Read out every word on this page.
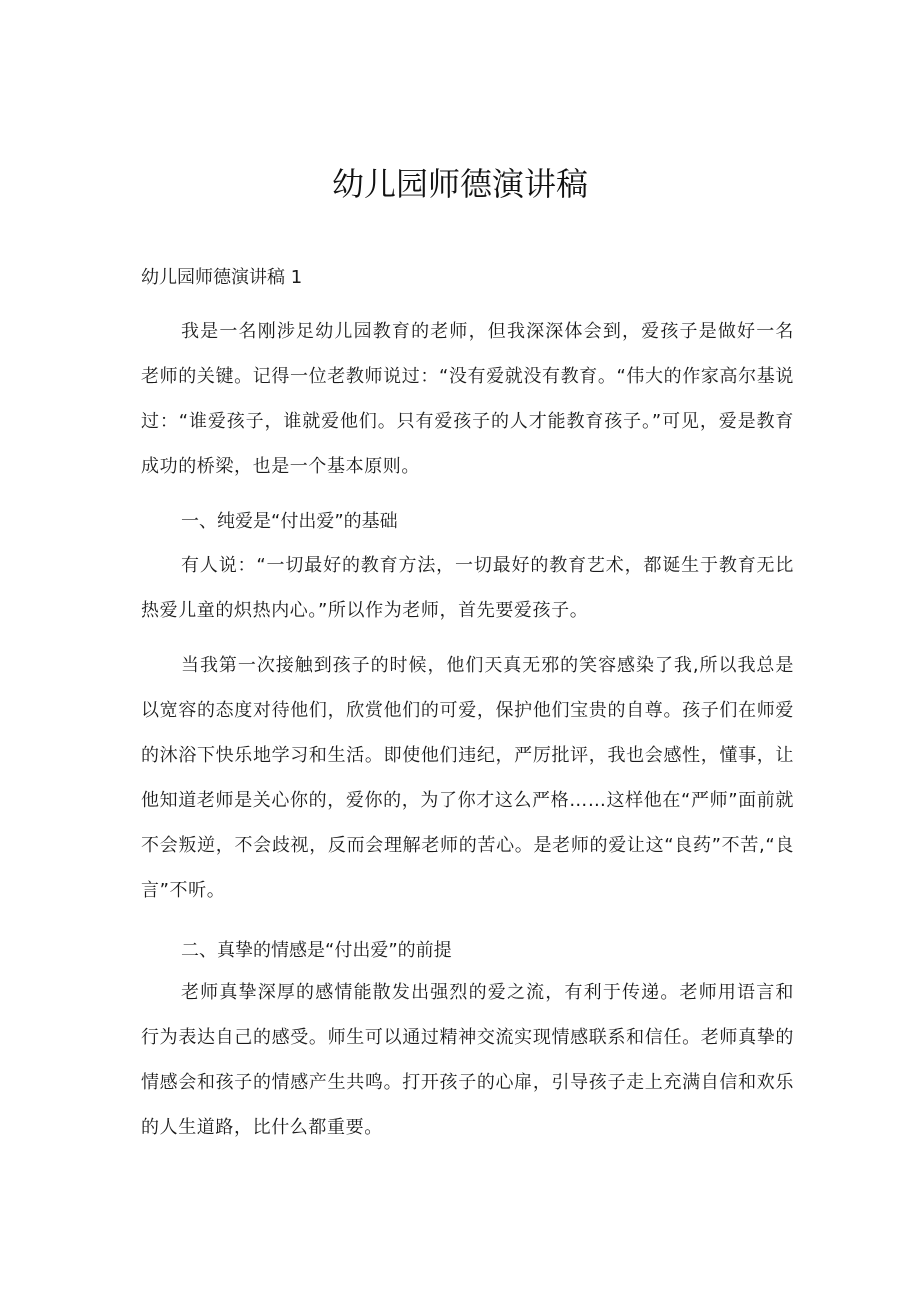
幼儿园师德演讲稿
幼儿园师德演讲稿 1
我是一名刚涉足幼儿园教育的老师，但我深深体会到，爱孩子是做好一名老师的关键。记得一位老教师说过：“没有爱就没有教育。“伟大的作家高尔基说过：“谁爱孩子，谁就爱他们。只有爱孩子的人才能教育孩子。”可见，爱是教育成功的桥梁，也是一个基本原则。
一、纯爱是“付出爱”的基础
有人说：“一切最好的教育方法，一切最好的教育艺术，都诞生于教育无比热爱儿童的炽热内心。”所以作为老师，首先要爱孩子。
当我第一次接触到孩子的时候，他们天真无邪的笑容感染了我,所以我总是以宽容的态度对待他们，欣赏他们的可爱，保护他们宝贵的自尊。孩子们在师爱的沐浴下快乐地学习和生活。即使他们违纪，严厉批评，我也会感性，懂事，让他知道老师是关心你的，爱你的，为了你才这么严格……这样他在“严师”面前就不会叛逆，不会歧视，反而会理解老师的苦心。是老师的爱让这“良药”不苦,“良言”不听。
二、真挚的情感是“付出爱”的前提
老师真挚深厚的感情能散发出强烈的爱之流，有利于传递。老师用语言和行为表达自己的感受。师生可以通过精神交流实现情感联系和信任。老师真挚的情感会和孩子的情感产生共鸣。打开孩子的心扉，引导孩子走上充满自信和欢乐的人生道路，比什么都重要。
